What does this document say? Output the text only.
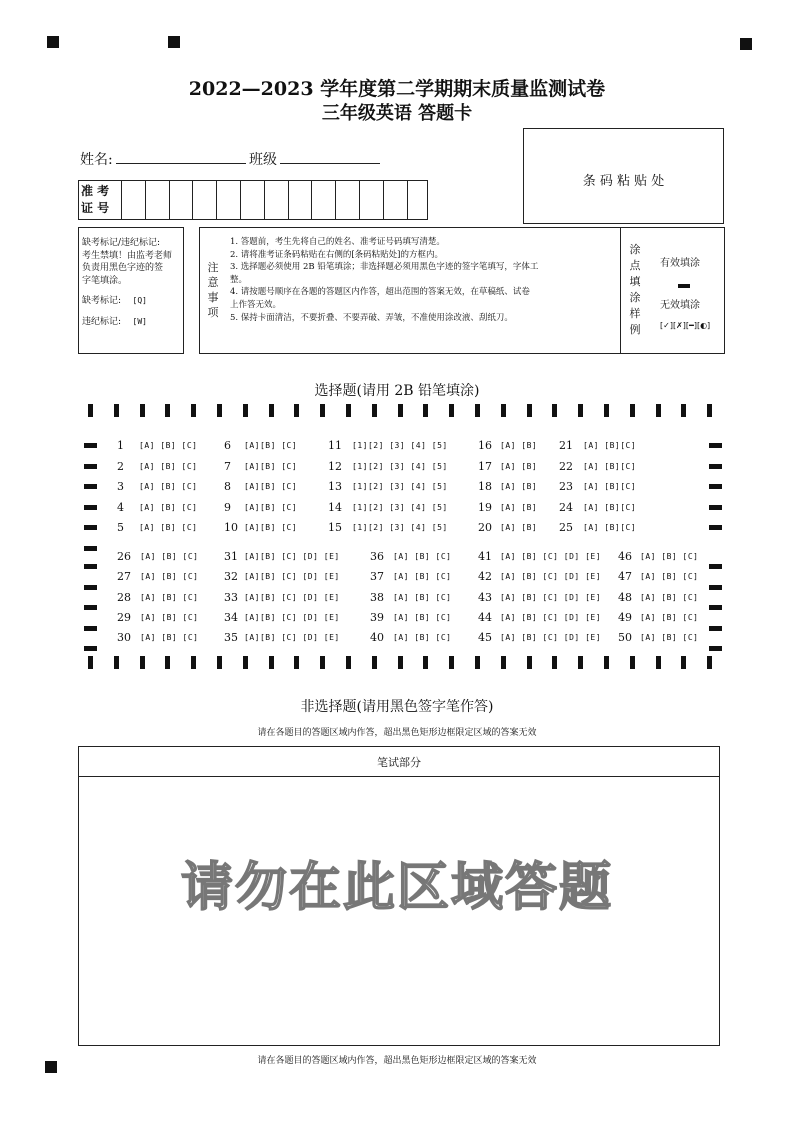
2022—2023 学年度第二学期期末质量监测试卷
三年级英语 答题卡
姓名:	班级
准 考
证 号
条 码 粘 贴 处
缺考标记/违纪标记:
考生禁填！由监考老师
负责用黑色字迹的签
字笔填涂。
缺考标记: [Q]
违纪标记: [W]
注
意
事
项
1. 答题前，考生先将自己的姓名、准考证号码填写清楚。
2. 请将准考证条码粘贴在右侧的[条码粘贴处]的方框内。
3. 选择题必须使用 2B 铅笔填涂；非选择题必须用黑色字迹的签字笔填写，字体工
整。
4. 请按题号顺序在各题的答题区内作答，超出范围的答案无效，在草稿纸、试卷
上作答无效。
5. 保持卡面清洁，不要折叠、不要弄破、弄皱，不准使用涂改液、刮纸刀。
涂
点
填
涂
样
例
有效填涂
无效填涂
[✓][✗][━][◐]
选择题(请用 2B 铅笔填涂)
1 [A] [B] [C] 6 [A][B] [C]	11 [1][2] [3] [4] [5]	16 [A] [B] 21 [A] [B][C]
2 [A] [B] [C] 7 [A][B] [C]	12 [1][2] [3] [4] [5]	17 [A] [B] 22 [A] [B][C]
3 [A] [B] [C] 8 [A][B] [C]	13 [1][2] [3] [4] [5]	18 [A] [B] 23 [A] [B][C]
4 [A] [B] [C] 9 [A][B] [C]	14 [1][2] [3] [4] [5]	19 [A] [B] 24 [A] [B][C]
5 [A] [B] [C] 10 [A][B] [C]	15 [1][2] [3] [4] [5]	20 [A] [B] 25 [A] [B][C]
26 [A] [B] [C] 31 [A][B] [C] [D] [E]	36 [A] [B] [C] 41 [A] [B] [C] [D] [E] 46 [A] [B] [C]
27 [A] [B] [C] 32 [A][B] [C] [D] [E]	37 [A] [B] [C] 42 [A] [B] [C] [D] [E] 47 [A] [B] [C]
28 [A] [B] [C] 33 [A][B] [C] [D] [E]	38 [A] [B] [C] 43 [A] [B] [C] [D] [E] 48 [A] [B] [C]
29 [A] [B] [C] 34 [A][B] [C] [D] [E]	39 [A] [B] [C] 44 [A] [B] [C] [D] [E] 49 [A] [B] [C]
30 [A] [B] [C] 35 [A][B] [C] [D] [E]	40 [A] [B] [C] 45 [A] [B] [C] [D] [E] 50 [A] [B] [C]
非选择题(请用黑色签字笔作答)
请在各题目的答题区域内作答，超出黑色矩形边框限定区域的答案无效
笔试部分
请勿在此区域答题
请在各题目的答题区域内作答，超出黑色矩形边框限定区域的答案无效
